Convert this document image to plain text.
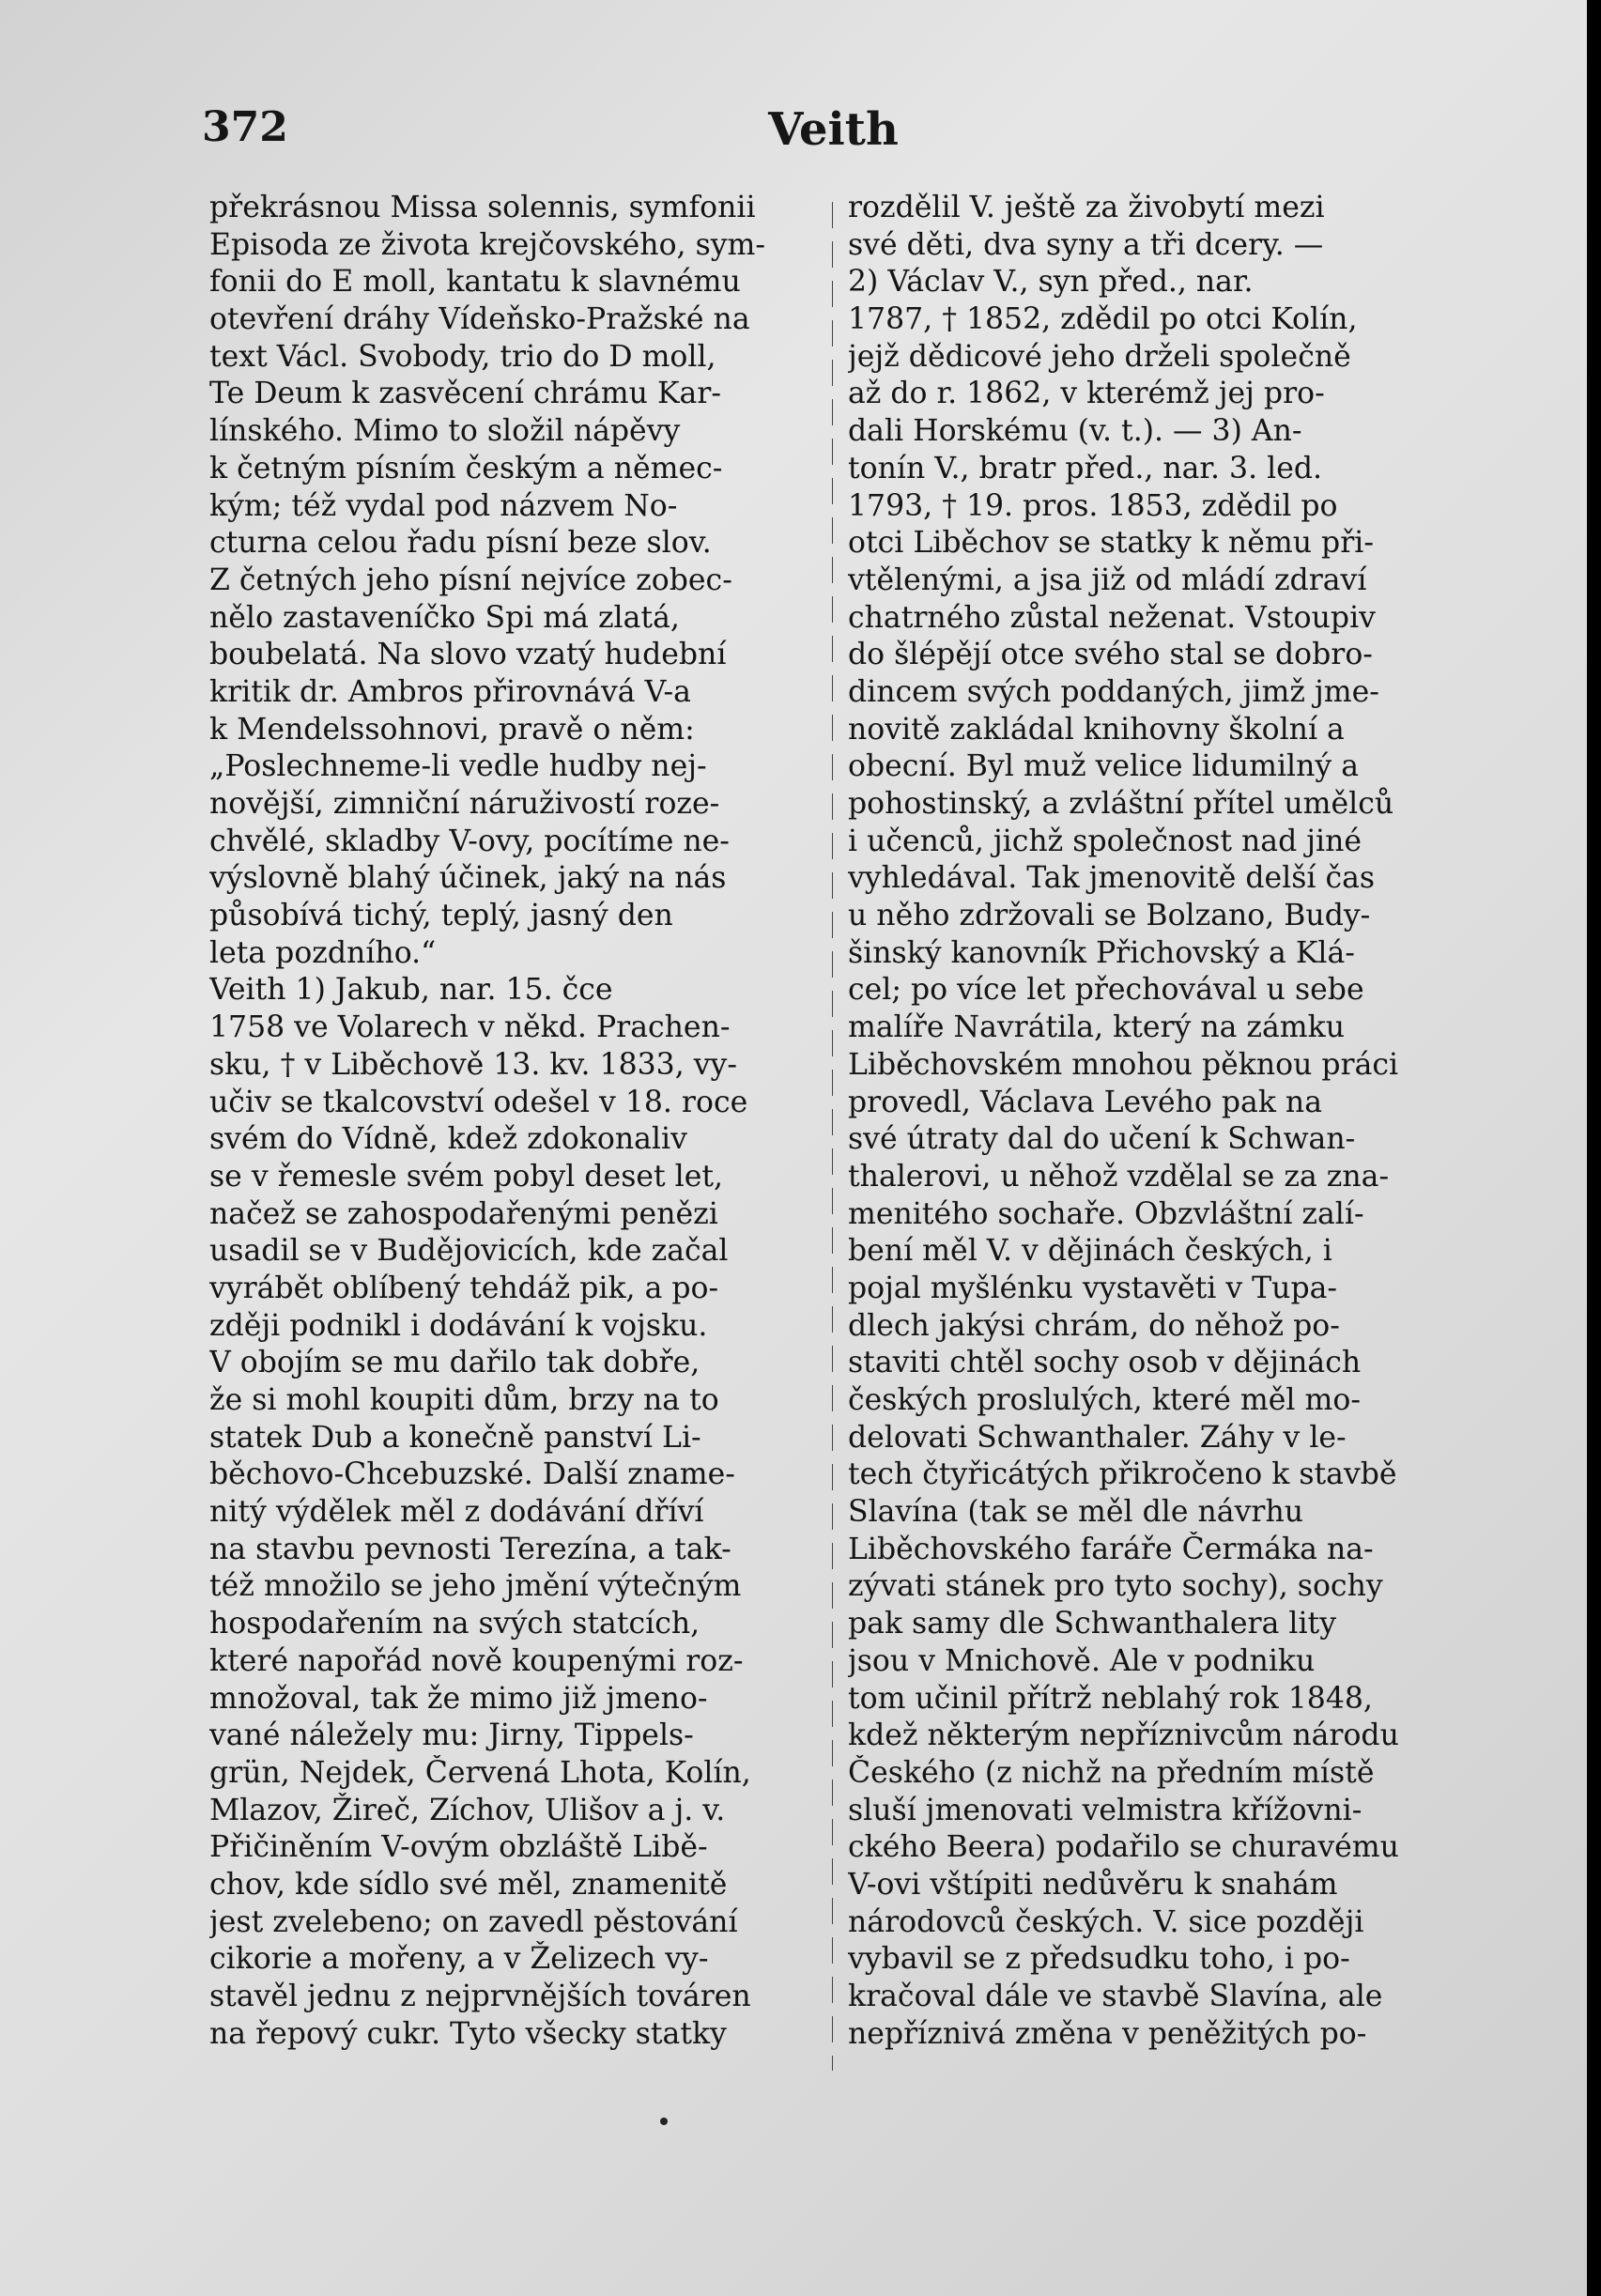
Veith
372
překrásnou Missa solennis, symfonii
Episoda ze života krejčovského, sym-
fonii do E moll, kantatu k slavnému
otevření dráhy Vídeňsko-Pražské na
text Václ. Svobody, trio do D moll,
Te Deum k zasvěcení chrámu Kar-
línského. Mimo to složil nápěvy
k četným písním českým a němec-
kým; též vydal pod názvem No-
cturna celou řadu písní beze slov.
Z četných jeho písní nejvíce zobec-
nělo zastaveníčko Spi má zlatá,
boubelatá. Na slovo vzatý hudební
kritik dr. Ambros přirovnává V-a
k Mendelssohnovi, pravě o něm:
„Poslechneme-li vedle hudby nej-
novější, zimniční náruživostí roze-
chvělé, skladby V-ovy, pocítíme ne-
výslovně blahý účinek, jaký na nás
působívá tichý, teplý, jasný den
leta pozdního.“
Veith 1) Jakub, nar. 15. čce
1758 ve Volarech v někd. Prachen-
sku, † v Liběchově 13. kv. 1833, vy-
učiv se tkalcovství odešel v 18. roce
svém do Vídně, kdež zdokonaliv
se v řemesle svém pobyl deset let,
načež se zahospodařenými penězi
usadil se v Budějovicích, kde začal
vyrábět oblíbený tehdáž pik, a po-
zději podnikl i dodávání k vojsku.
V obojím se mu dařilo tak dobře,
že si mohl koupiti dům, brzy na to
statek Dub a konečně panství Li-
běchovo-Chcebuzské. Další zname-
nitý výdělek měl z dodávání dříví
na stavbu pevnosti Terezína, a tak-
též množilo se jeho jmění výtečným
hospodařením na svých statcích,
které napořád nově koupenými roz-
množoval, tak že mimo již jmeno-
vané náležely mu: Jirny, Tippels-
grün, Nejdek, Červená Lhota, Kolín,
Mlazov, Žireč, Zíchov, Ulišov a j. v.
Přičiněním V-ovým obzláště Libě-
chov, kde sídlo své měl, znamenitě
jest zvelebeno; on zavedl pěstování
cikorie a mořeny, a v Želizech vy-
stavěl jednu z nejprvnějších továren
na řepový cukr. Tyto všecky statky
rozdělil V. ještě za živobytí mezi
své děti, dva syny a tři dcery. —
2) Václav V., syn před., nar.
1787, † 1852, zdědil po otci Kolín,
jejž dědicové jeho drželi společně
až do r. 1862, v kterémž jej pro-
dali Horskému (v. t.). — 3) An-
tonín V., bratr před., nar. 3. led.
1793, † 19. pros. 1853, zdědil po
otci Liběchov se statky k němu při-
vtělenými, a jsa již od mládí zdraví
chatrného zůstal neženat. Vstoupiv
do šlépějí otce svého stal se dobro-
dincem svých poddaných, jimž jme-
novitě zakládal knihovny školní a
obecní. Byl muž velice lidumilný a
pohostinský, a zvláštní přítel umělců
i učenců, jichž společnost nad jiné
vyhledával. Tak jmenovitě delší čas
u něho zdržovali se Bolzano, Budy-
šinský kanovník Přichovský a Klá-
cel; po více let přechovával u sebe
malíře Navrátila, který na zámku
Liběchovském mnohou pěknou práci
provedl, Václava Levého pak na
své útraty dal do učení k Schwan-
thalerovi, u něhož vzdělal se za zna-
menitého sochaře. Obzvláštní zalí-
bení měl V. v dějinách českých, i
pojal myšlénku vystavěti v Tupa-
dlech jakýsi chrám, do něhož po-
staviti chtěl sochy osob v dějinách
českých proslulých, které měl mo-
delovati Schwanthaler. Záhy v le-
tech čtyřicátých přikročeno k stavbě
Slavína (tak se měl dle návrhu
Liběchovského faráře Čermáka na-
zývati stánek pro tyto sochy), sochy
pak samy dle Schwanthalera lity
jsou v Mnichově. Ale v podniku
tom učinil přítrž neblahý rok 1848,
kdež některým nepříznivcům národu
Českého (z nichž na předním místě
sluší jmenovati velmistra křížovni-
ckého Beera) podařilo se churavému
V-ovi vštípiti nedůvěru k snahám
národovců českých. V. sice později
vybavil se z předsudku toho, i po-
kračoval dále ve stavbě Slavína, ale
nepříznivá změna v peněžitých po-
